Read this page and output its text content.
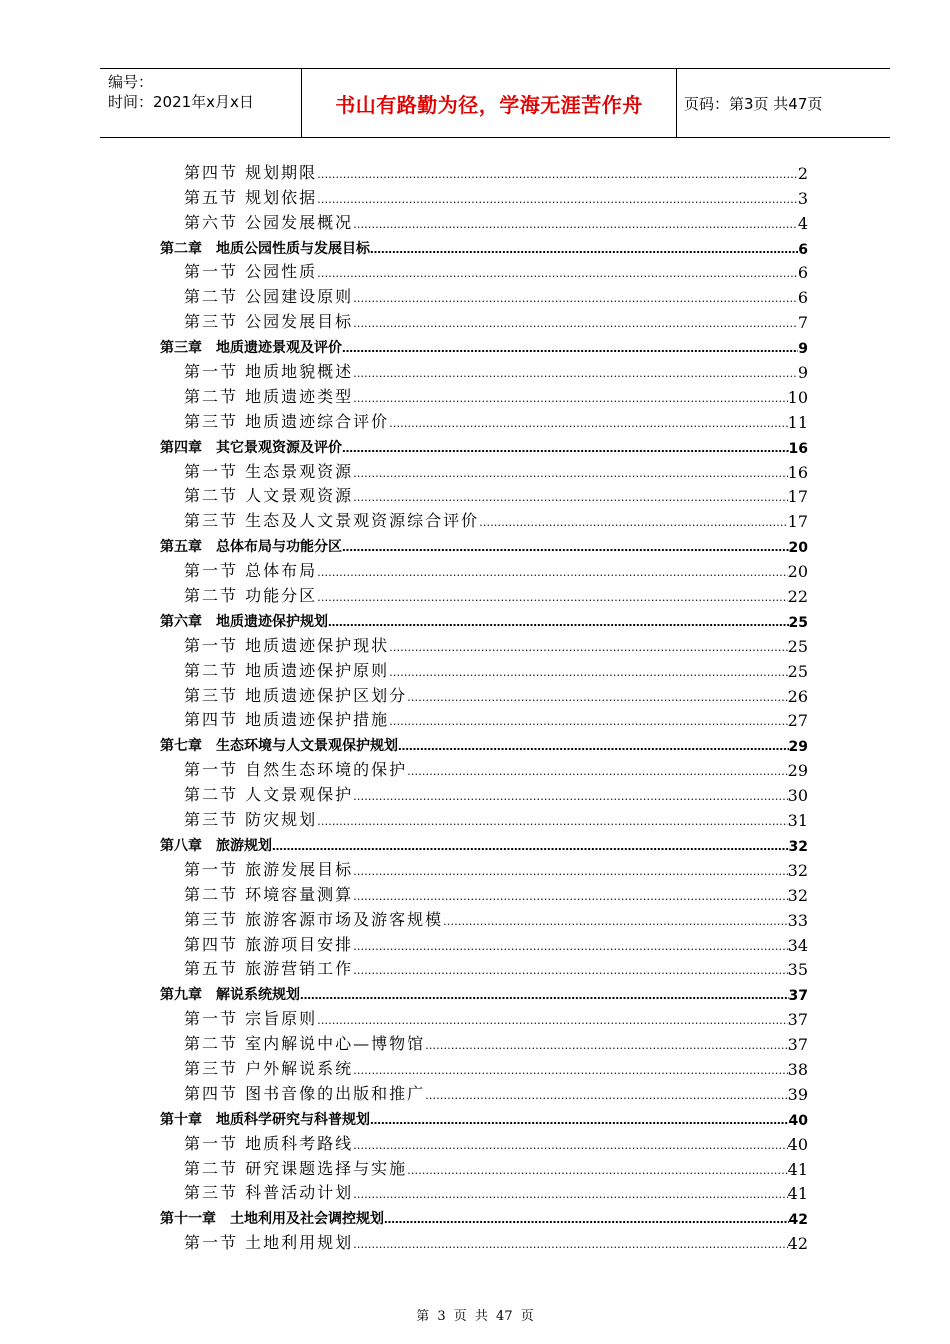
编号：
时间：2021年x月x日	书山有路勤为径，学海无涯苦作舟	页码：第3页 共47页
第四节 规划期限 ………………………………………………………………………………………………………………………………………………………………………………………………………………	2
第五节 规划依据 ………………………………………………………………………………………………………………………………………………………………………………………………………………	3
第六节 公园发展概况 ………………………………………………………………………………………………………………………………………………………………………………………………………………	4
第二章　地质公园性质与发展目标 ………………………………………………………………………………………………………………………………………………………………………………………………………………	6
第一节 公园性质 ………………………………………………………………………………………………………………………………………………………………………………………………………………	6
第二节 公园建设原则 ………………………………………………………………………………………………………………………………………………………………………………………………………………	6
第三节 公园发展目标 ………………………………………………………………………………………………………………………………………………………………………………………………………………	7
第三章　地质遗迹景观及评价 ………………………………………………………………………………………………………………………………………………………………………………………………………………	9
第一节 地质地貌概述 ………………………………………………………………………………………………………………………………………………………………………………………………………………	9
第二节 地质遗迹类型 ………………………………………………………………………………………………………………………………………………………………………………………………………………	10
第三节 地质遗迹综合评价 ………………………………………………………………………………………………………………………………………………………………………………………………………………	11
第四章　其它景观资源及评价 ………………………………………………………………………………………………………………………………………………………………………………………………………………	16
第一节 生态景观资源 ………………………………………………………………………………………………………………………………………………………………………………………………………………	16
第二节 人文景观资源 ………………………………………………………………………………………………………………………………………………………………………………………………………………	17
第三节 生态及人文景观资源综合评价 ………………………………………………………………………………………………………………………………………………………………………………………………………………	17
第五章　总体布局与功能分区 ………………………………………………………………………………………………………………………………………………………………………………………………………………	20
第一节 总体布局 ………………………………………………………………………………………………………………………………………………………………………………………………………………	20
第二节 功能分区 ………………………………………………………………………………………………………………………………………………………………………………………………………………	22
第六章　地质遗迹保护规划 ………………………………………………………………………………………………………………………………………………………………………………………………………………	25
第一节 地质遗迹保护现状 ………………………………………………………………………………………………………………………………………………………………………………………………………………	25
第二节 地质遗迹保护原则 ………………………………………………………………………………………………………………………………………………………………………………………………………………	25
第三节 地质遗迹保护区划分 ………………………………………………………………………………………………………………………………………………………………………………………………………………	26
第四节 地质遗迹保护措施 ………………………………………………………………………………………………………………………………………………………………………………………………………………	27
第七章　生态环境与人文景观保护规划 ………………………………………………………………………………………………………………………………………………………………………………………………………………	29
第一节 自然生态环境的保护 ………………………………………………………………………………………………………………………………………………………………………………………………………………	29
第二节 人文景观保护 ………………………………………………………………………………………………………………………………………………………………………………………………………………	30
第三节 防灾规划 ………………………………………………………………………………………………………………………………………………………………………………………………………………	31
第八章　旅游规划 ………………………………………………………………………………………………………………………………………………………………………………………………………………	32
第一节 旅游发展目标 ………………………………………………………………………………………………………………………………………………………………………………………………………………	32
第二节 环境容量测算 ………………………………………………………………………………………………………………………………………………………………………………………………………………	32
第三节 旅游客源市场及游客规模 ………………………………………………………………………………………………………………………………………………………………………………………………………………	33
第四节 旅游项目安排 ………………………………………………………………………………………………………………………………………………………………………………………………………………	34
第五节 旅游营销工作 ………………………………………………………………………………………………………………………………………………………………………………………………………………	35
第九章　解说系统规划 ………………………………………………………………………………………………………………………………………………………………………………………………………………	37
第一节 宗旨原则 ………………………………………………………………………………………………………………………………………………………………………………………………………………	37
第二节 室内解说中心—博物馆 ………………………………………………………………………………………………………………………………………………………………………………………………………………	37
第三节 户外解说系统 ………………………………………………………………………………………………………………………………………………………………………………………………………………	38
第四节 图书音像的出版和推广 ………………………………………………………………………………………………………………………………………………………………………………………………………………	39
第十章　地质科学研究与科普规划 ………………………………………………………………………………………………………………………………………………………………………………………………………………	40
第一节 地质科考路线 ………………………………………………………………………………………………………………………………………………………………………………………………………………	40
第二节 研究课题选择与实施 ………………………………………………………………………………………………………………………………………………………………………………………………………………	41
第三节 科普活动计划 ………………………………………………………………………………………………………………………………………………………………………………………………………………	41
第十一章　土地利用及社会调控规划 ………………………………………………………………………………………………………………………………………………………………………………………………………………	42
第一节 土地利用规划 ………………………………………………………………………………………………………………………………………………………………………………………………………………	42
第 3 页 共 47 页
